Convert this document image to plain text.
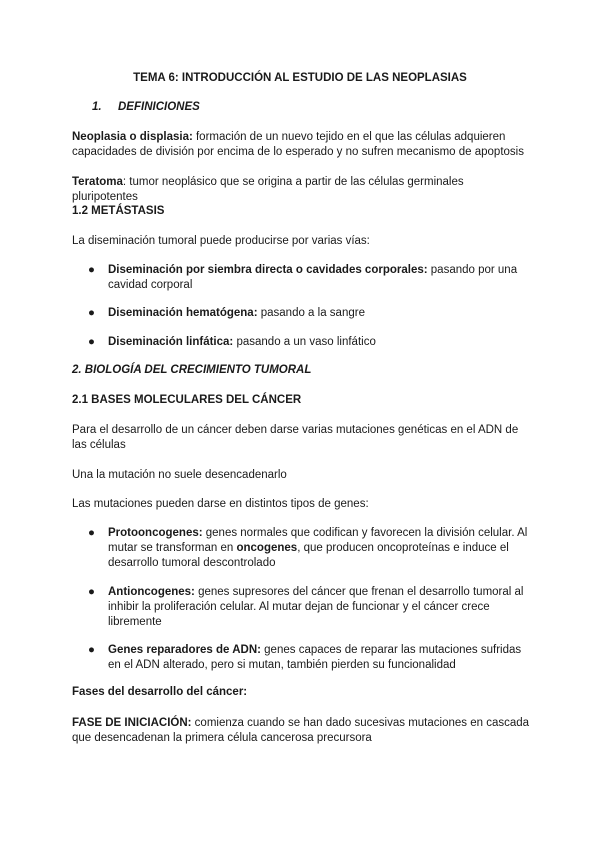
TEMA 6: INTRODUCCIÓN AL ESTUDIO DE LAS NEOPLASIAS
1. DEFINICIONES

Neoplasia o displasia: formación de un nuevo tejido en el que las células adquieren capacidades de división por encima de lo esperado y no sufren mecanismo de apoptosis

Teratoma: tumor neoplásico que se origina a partir de las células germinales pluripotentes

1.2 METÁSTASIS

La diseminación tumoral puede producirse por varias vías:

●	Diseminación por siembra directa o cavidades corporales: pasando por una cavidad corporal

●	Diseminación hematógena: pasando a la sangre

●	Diseminación linfática: pasando a un vaso linfático

2. BIOLOGÍA DEL CRECIMIENTO TUMORAL
2.1 BASES MOLECULARES DEL CÁNCER

Para el desarrollo de un cáncer deben darse varias mutaciones genéticas en el ADN de las células

Una la mutación no suele desencadenarlo

Las mutaciones pueden darse en distintos tipos de genes:

●	Protooncogenes: genes normales que codifican y favorecen la división celular. Al mutar se transforman en oncogenes, que producen oncoproteínas e induce el desarrollo tumoral descontrolado

●	Antioncogenes: genes supresores del cáncer que frenan el desarrollo tumoral al inhibir la proliferación celular. Al mutar dejan de funcionar y el cáncer crece libremente

●	Genes reparadores de ADN: genes capaces de reparar las mutaciones sufridas en el ADN alterado, pero si mutan, también pierden su funcionalidad

Fases del desarrollo del cáncer:

FASE DE INICIACIÓN: comienza cuando se han dado sucesivas mutaciones en cascada que desencadenan la primera célula cancerosa precursora
